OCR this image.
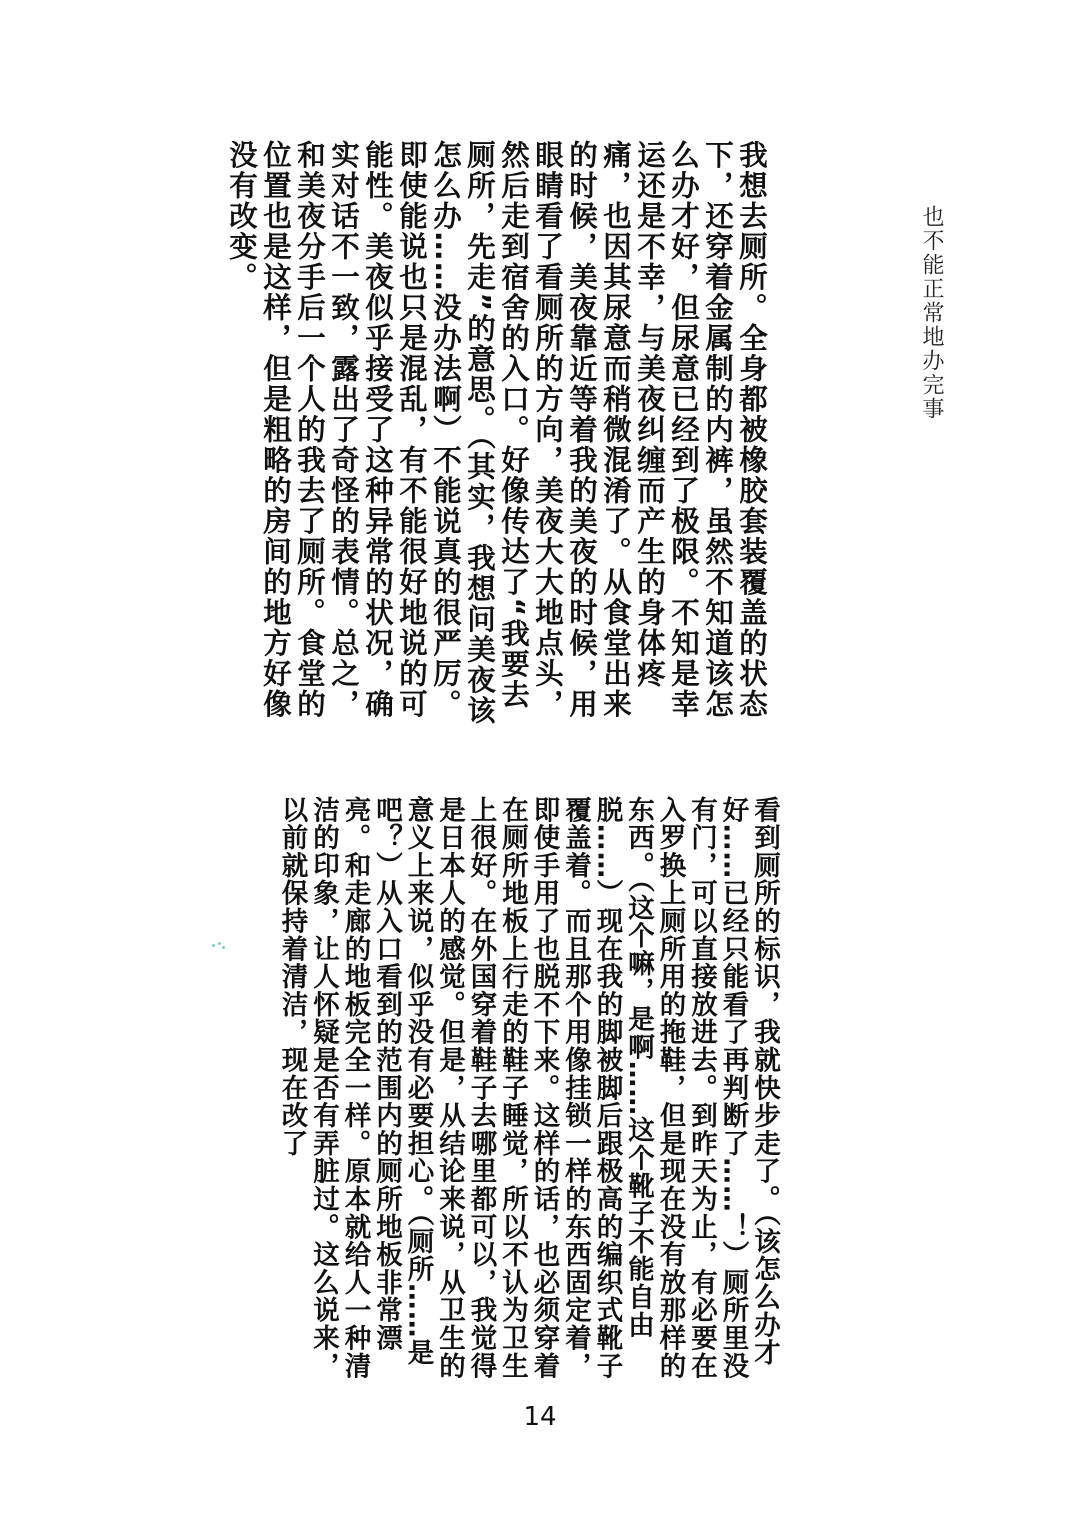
也不能正常地办完事

我想去厕所。全身都被橡胶套装覆盖的状态下，还穿着金属制的内裤，虽然不知道该怎么办才好，但尿意已经到了极限。不知是幸运还是不幸，与美夜纠缠而产生的身体疼痛，也因其尿意而稍微混淆了。从食堂出来的时候，美夜靠近等着我的美夜的时候，用眼睛看了看厕所的方向，美夜大大地点头，然后走到宿舍的入口。好像传达了“我要去厕所，先走”的意思。（其实，我想问美夜该怎么办……没办法啊）不能说真的很严厉。即使能说也只是混乱，有不能很好地说的可能性。美夜似乎接受了这种异常的状况，确实对话不一致，露出了奇怪的表情。总之，和美夜分手后一个人的我去了厕所。食堂的位置也是这样，但是粗略的房间的地方好像没有改变。

看到厕所的标识，我就快步走了。（该怎么办才好……已经只能看了再判断了……！）厕所里没有门，可以直接放进去。到昨天为止，有必要在入罗换上厕所用的拖鞋，但是现在没有放那样的东西。（这个嘛，是啊……这个靴子不能自由脱……）现在我的脚被脚后跟极高的编织式靴子覆盖着。而且那个用像挂锁一样的东西固定着，即使手用了也脱不下来。这样的话，也必须穿着在厕所地板上行走的鞋子睡觉，所以不认为卫生上很好。在外国穿着鞋子去哪里都可以，我觉得是日本人的感觉。但是，从结论来说，从卫生的意义上来说，似乎没有必要担心。（厕所……是吧？）从入口看到的范围内的厕所地板非常漂亮。和走廊的地板完全一样。原本就给人一种清洁的印象，让人怀疑是否有弄脏过。这么说来，以前就保持着清洁，现在改了

14
